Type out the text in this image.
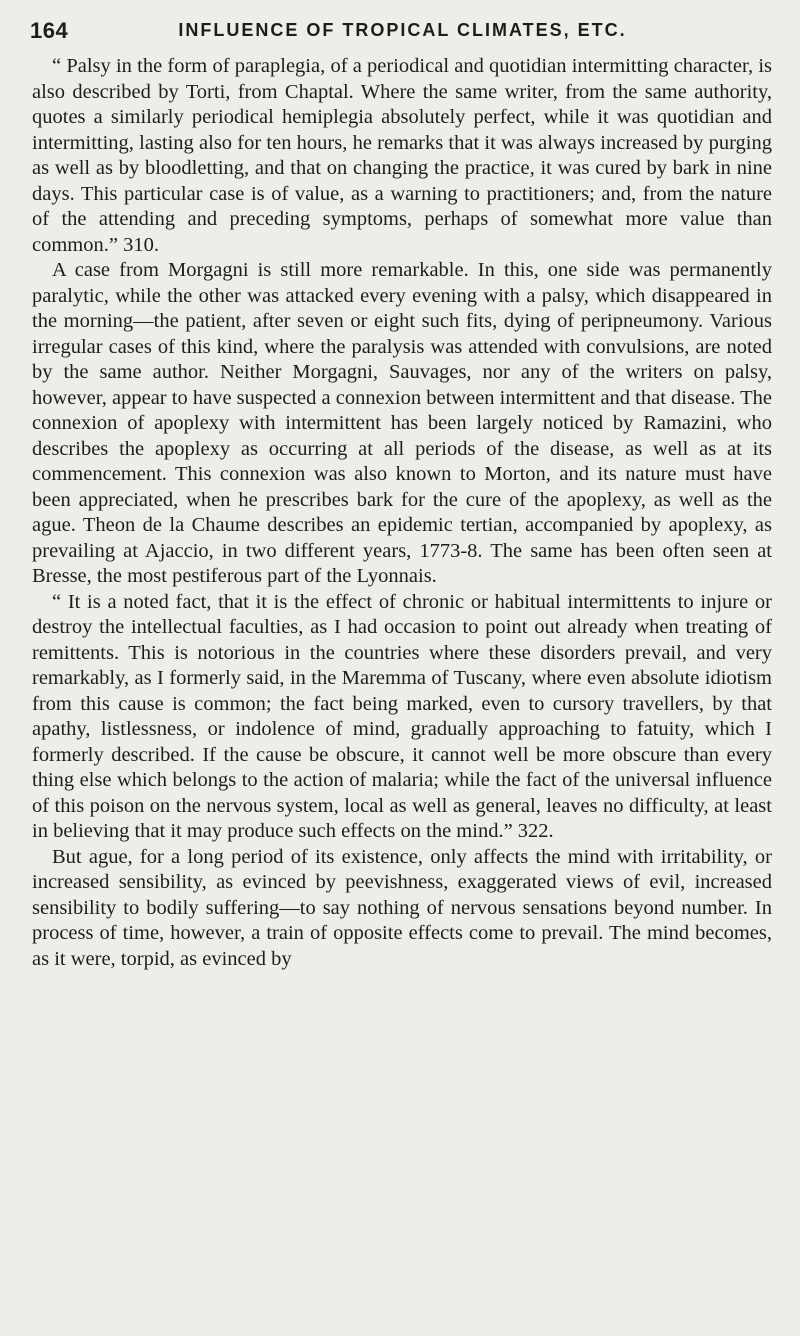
164	INFLUENCE OF TROPICAL CLIMATES, ETC.

“ Palsy in the form of paraplegia, of a periodical and quotidian intermitting character, is also described by Torti, from Chaptal. Where the same writer, from the same authority, quotes a similarly periodical hemiplegia absolutely perfect, while it was quotidian and intermitting, lasting also for ten hours, he remarks that it was always increased by purging as well as by bloodletting, and that on changing the practice, it was cured by bark in nine days. This particular case is of value, as a warning to practitioners; and, from the nature of the attending and preceding symptoms, perhaps of somewhat more value than common.” 310.

A case from Morgagni is still more remarkable. In this, one side was permanently paralytic, while the other was attacked every evening with a palsy, which disappeared in the morning—the patient, after seven or eight such fits, dying of peripneumony. Various irregular cases of this kind, where the paralysis was attended with convulsions, are noted by the same author. Neither Morgagni, Sauvages, nor any of the writers on palsy, however, appear to have suspected a connexion between intermittent and that disease. The connexion of apoplexy with intermittent has been largely noticed by Ramazini, who describes the apoplexy as occurring at all periods of the disease, as well as at its commencement. This connexion was also known to Morton, and its nature must have been appreciated, when he prescribes bark for the cure of the apoplexy, as well as the ague. Theon de la Chaume describes an epidemic tertian, accompanied by apoplexy, as prevailing at Ajaccio, in two different years, 1773-8. The same has been often seen at Bresse, the most pestiferous part of the Lyonnais.

“ It is a noted fact, that it is the effect of chronic or habitual intermittents to injure or destroy the intellectual faculties, as I had occasion to point out already when treating of remittents. This is notorious in the countries where these disorders prevail, and very remarkably, as I formerly said, in the Maremma of Tuscany, where even absolute idiotism from this cause is common; the fact being marked, even to cursory travellers, by that apathy, listlessness, or indolence of mind, gradually approaching to fatuity, which I formerly described. If the cause be obscure, it cannot well be more obscure than every thing else which belongs to the action of malaria; while the fact of the universal influence of this poison on the nervous system, local as well as general, leaves no difficulty, at least in believing that it may produce such effects on the mind.” 322.

But ague, for a long period of its existence, only affects the mind with irritability, or increased sensibility, as evinced by peevishness, exaggerated views of evil, increased sensibility to bodily suffering—to say nothing of nervous sensations beyond number. In process of time, however, a train of opposite effects come to prevail. The mind becomes, as it were, torpid, as evinced by
